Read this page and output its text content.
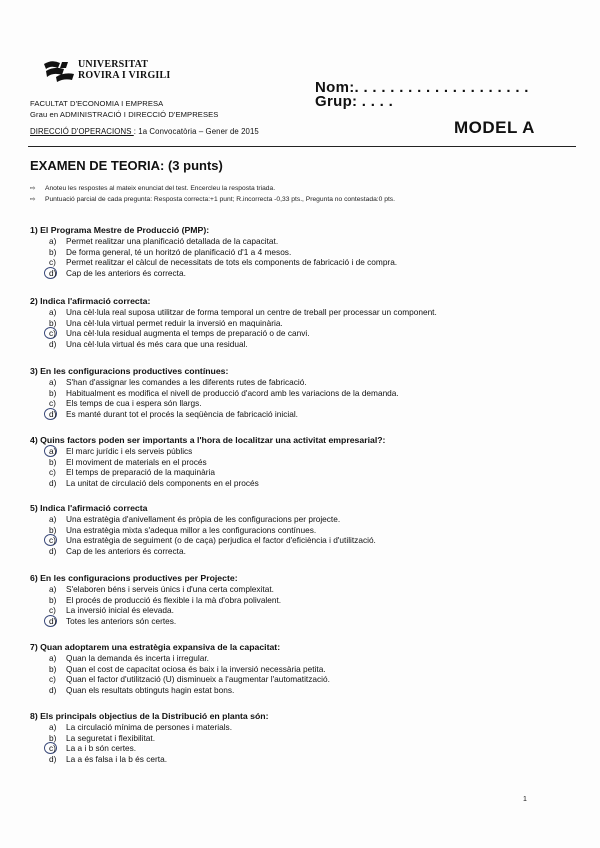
UNIVERSITAT
ROVIRA I VIRGILI
Nom:. . . . . . . . . . . . . . . . . . . .
Grup: . . . .
FACULTAT D'ECONOMIA I EMPRESA
Grau en ADMINISTRACIÓ I DIRECCIÓ D'EMPRESES
DIRECCIÓ D'OPERACIONS : 1a Convocatòria – Gener de 2015	MODEL A
EXAMEN DE TEORIA: (3 punts)
⇨ Anoteu les respostes al mateix enunciat del test. Encercleu la resposta triada.
⇨ Puntuació parcial de cada pregunta: Resposta correcta:+1 punt; R.incorrecta -0,33 pts., Pregunta no contestada:0 pts.
1) El Programa Mestre de Producció (PMP):
a)	Permet realitzar una planificació detallada de la capacitat.
b)	De forma general, té un horitzó de planificació d'1 a 4 mesos.
c)	Permet realitzar el càlcul de necessitats de tots els components de fabricació i de compra.
d)	Cap de les anteriors és correcta.
2) Indica l'afirmació correcta:
a)	Una cèl·lula real suposa utilitzar de forma temporal un centre de treball per processar un component.
b)	Una cèl·lula virtual permet reduir la inversió en maquinària.
c)	Una cèl·lula residual augmenta el temps de preparació o de canvi.
d)	Una cèl·lula virtual és més cara que una residual.
3) En les configuracions productives contínues:
a)	S'han d'assignar les comandes a les diferents rutes de fabricació.
b)	Habitualment es modifica el nivell de producció d'acord amb les variacions de la demanda.
c)	Els temps de cua i espera són llargs.
d)	Es manté durant tot el procés la seqüència de fabricació inicial.
4) Quins factors poden ser importants a l'hora de localitzar una activitat empresarial?:
a)	El marc jurídic i els serveis públics
b)	El moviment de materials en el procés
c)	El temps de preparació de la maquinària
d)	La unitat de circulació dels components en el procés
5) Indica l'afirmació correcta
a)	Una estratègia d'anivellament és pròpia de les configuracions per projecte.
b)	Una estratègia mixta s'adequa millor a les configuracions contínues.
c)	Una estratègia de seguiment (o de caça) perjudica el factor d'eficiència i d'utilització.
d)	Cap de les anteriors és correcta.
6) En les configuracions productives per Projecte:
a)	S'elaboren béns i serveis únics i d'una certa complexitat.
b)	El procés de producció és flexible i la mà d'obra polivalent.
c)	La inversió inicial és elevada.
d)	Totes les anteriors són certes.
7) Quan adoptarem una estratègia expansiva de la capacitat:
a)	Quan la demanda és incerta i irregular.
b)	Quan el cost de capacitat ociosa és baix i la inversió necessària petita.
c)	Quan el factor d'utilització (U) disminueix a l'augmentar l'automatització.
d)	Quan els resultats obtinguts hagin estat bons.
8) Els principals objectius de la Distribució en planta són:
a)	La circulació mínima de persones i materials.
b)	La seguretat i flexibilitat.
c)	La a i b són certes.
d)	La a és falsa i la b és certa.
1
